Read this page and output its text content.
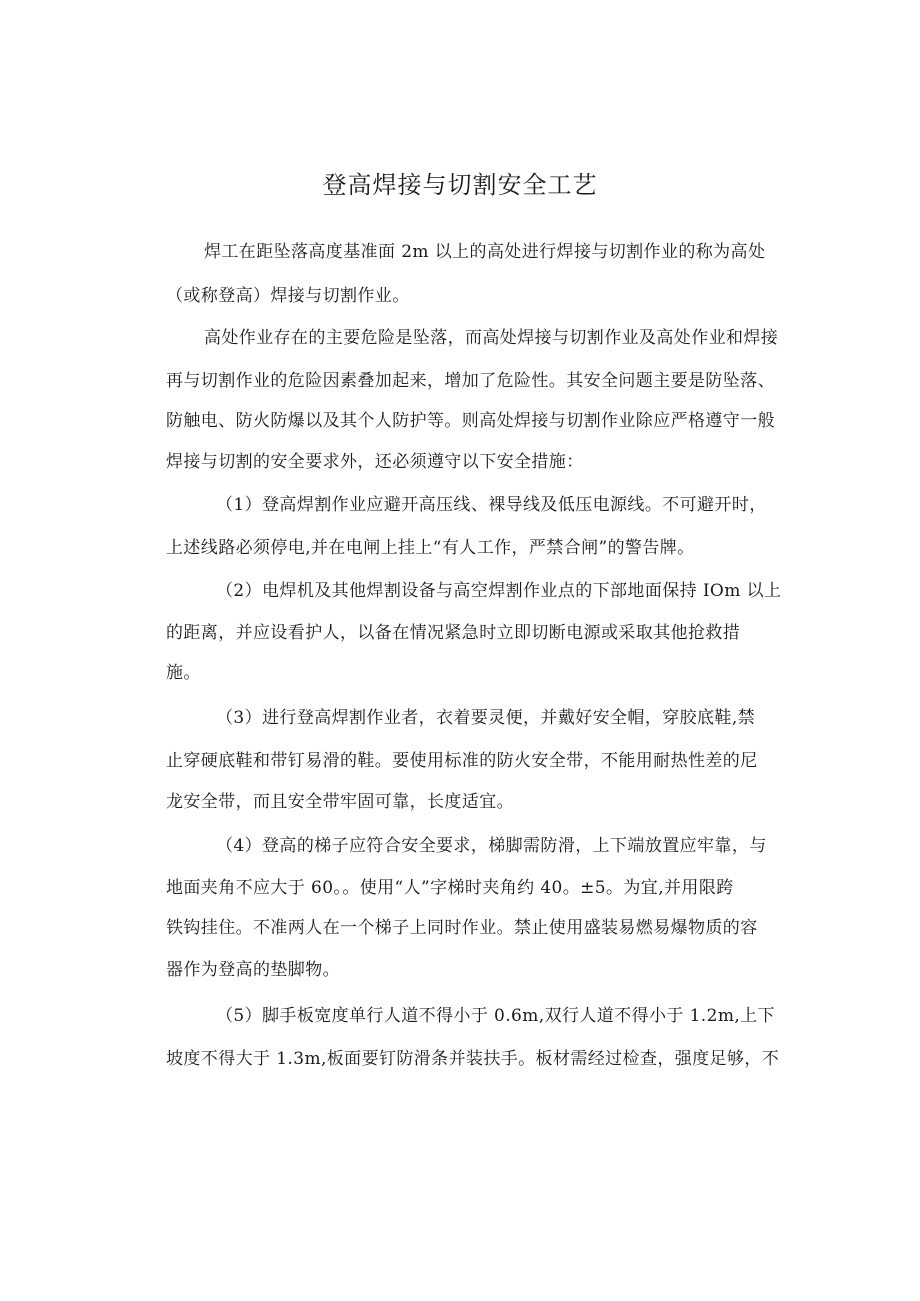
登高焊接与切割安全工艺
焊工在距坠落高度基准面 2m 以上的高处进行焊接与切割作业的称为高处
（或称登高）焊接与切割作业。
高处作业存在的主要危险是坠落，而高处焊接与切割作业及高处作业和焊接
再与切割作业的危险因素叠加起来，增加了危险性。其安全问题主要是防坠落、
防触电、防火防爆以及其个人防护等。则高处焊接与切割作业除应严格遵守一般
焊接与切割的安全要求外，还必须遵守以下安全措施：
（1）登高焊割作业应避开高压线、裸导线及低压电源线。不可避开时，
上述线路必须停电,并在电闸上挂上“有人工作，严禁合闸”的警告牌。
（2）电焊机及其他焊割设备与高空焊割作业点的下部地面保持 IOm 以上
的距离，并应设看护人，以备在情况紧急时立即切断电源或采取其他抢救措
施。
（3）进行登高焊割作业者，衣着要灵便，并戴好安全帽，穿胶底鞋,禁
止穿硬底鞋和带钉易滑的鞋。要使用标准的防火安全带，不能用耐热性差的尼
龙安全带，而且安全带牢固可靠，长度适宜。
（4）登高的梯子应符合安全要求，梯脚需防滑，上下端放置应牢靠，与
地面夹角不应大于 60。。使用“人”字梯时夹角约 40。±5。为宜,并用限跨
铁钩挂住。不准两人在一个梯子上同时作业。禁止使用盛装易燃易爆物质的容
器作为登高的垫脚物。
（5）脚手板宽度单行人道不得小于 0.6m,双行人道不得小于 1.2m,上下
坡度不得大于 1.3m,板面要钉防滑条并装扶手。板材需经过检查，强度足够，不
